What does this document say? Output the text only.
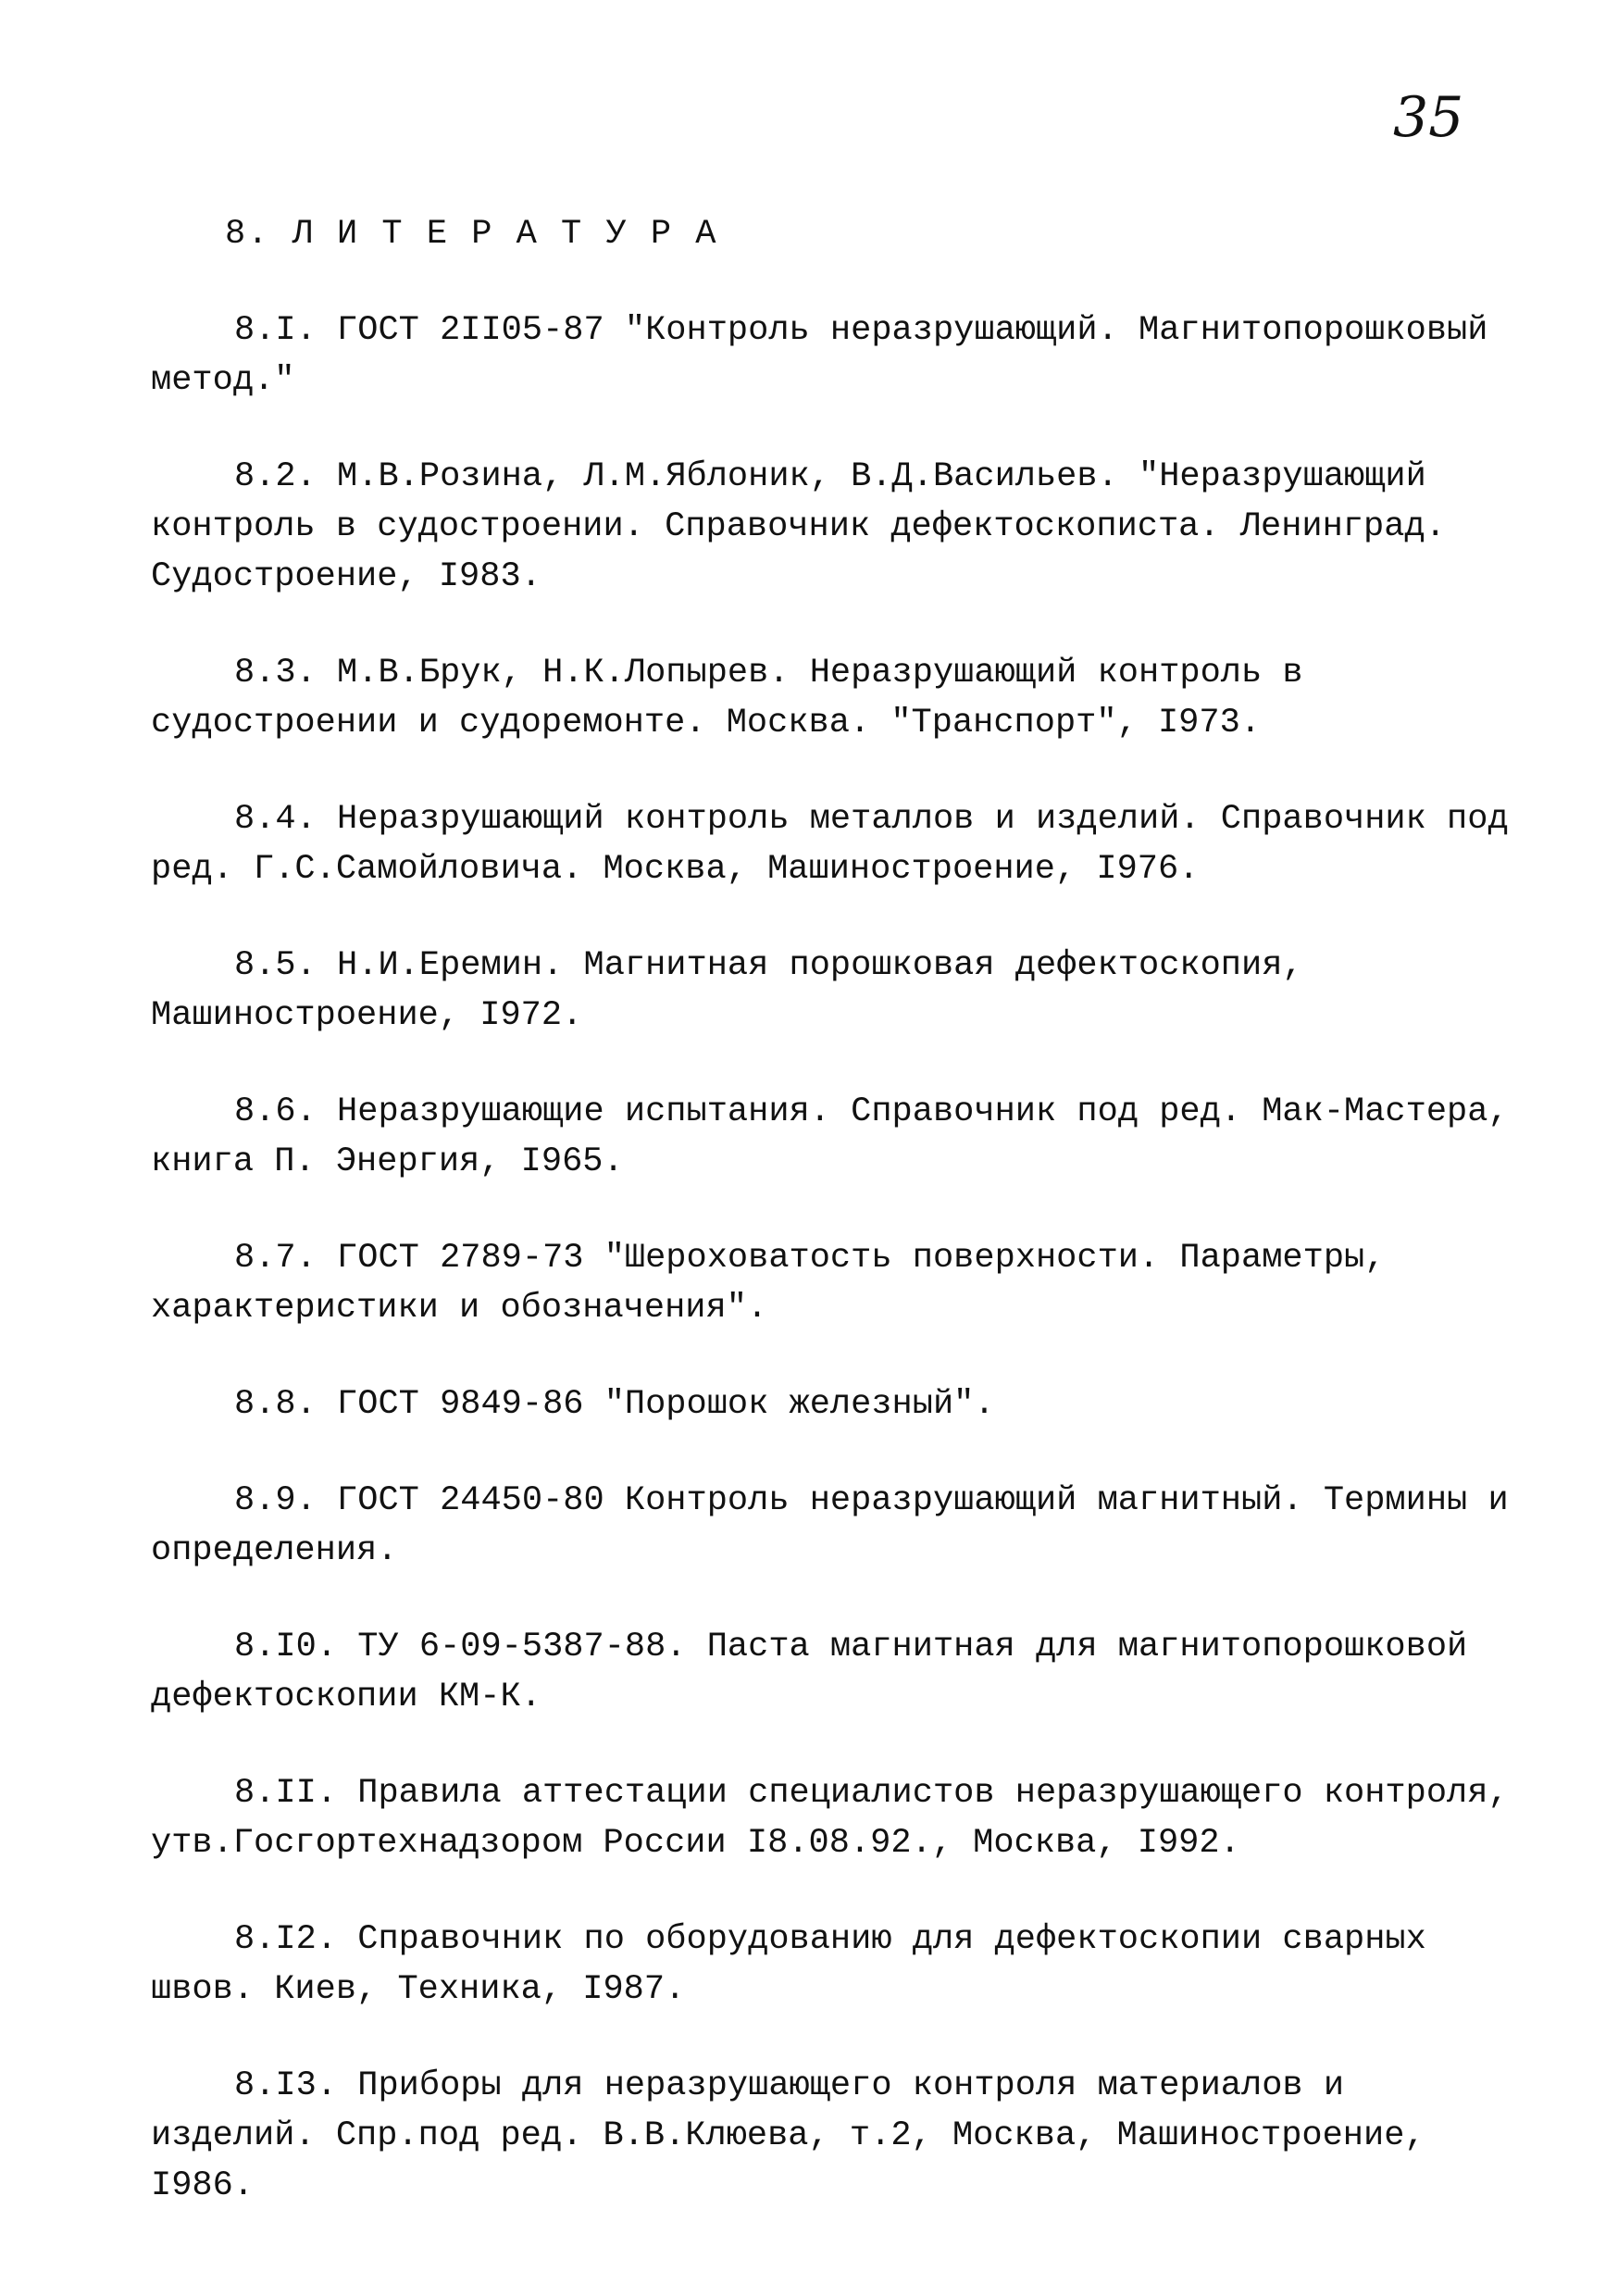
35
8. Л И Т Е Р А Т У Р А

8.I. ГОСТ 2II05-87 "Контроль неразрушающий. Магнитопорошковый метод."

8.2. М.В.Розина, Л.М.Яблоник, В.Д.Васильев. "Неразрушающий контроль в судостроении. Справочник дефектоскописта. Ленинград. Судостроение, I983.

8.3. М.В.Брук, Н.К.Лопырев. Неразрушающий контроль в судостроении и судоремонте. Москва. "Транспорт", I973.

8.4. Неразрушающий контроль металлов и изделий. Справочник под ред. Г.С.Самойловича. Москва, Машиностроение, I976.

8.5. Н.И.Еремин. Магнитная порошковая дефектоскопия, Машиностроение, I972.

8.6. Неразрушающие испытания. Справочник под ред. Мак-Мастера, книга П. Энергия, I965.

8.7. ГОСТ 2789-73 "Шероховатость поверхности. Параметры, характеристики и обозначения".

8.8. ГОСТ 9849-86 "Порошок железный".

8.9. ГОСТ 24450-80 Контроль неразрушающий магнитный. Термины и определения.

8.I0. ТУ 6-09-5387-88. Паста магнитная для магнитопорошковой дефектоскопии КМ-К.

8.II. Правила аттестации специалистов неразрушающего контроля, утв.Госгортехнадзором России I8.08.92., Москва, I992.

8.I2. Справочник по оборудованию для дефектоскопии сварных швов. Киев, Техника, I987.

8.I3. Приборы для неразрушающего контроля материалов и изделий. Спр.под ред. В.В.Клюева, т.2, Москва, Машиностроение, I986.
